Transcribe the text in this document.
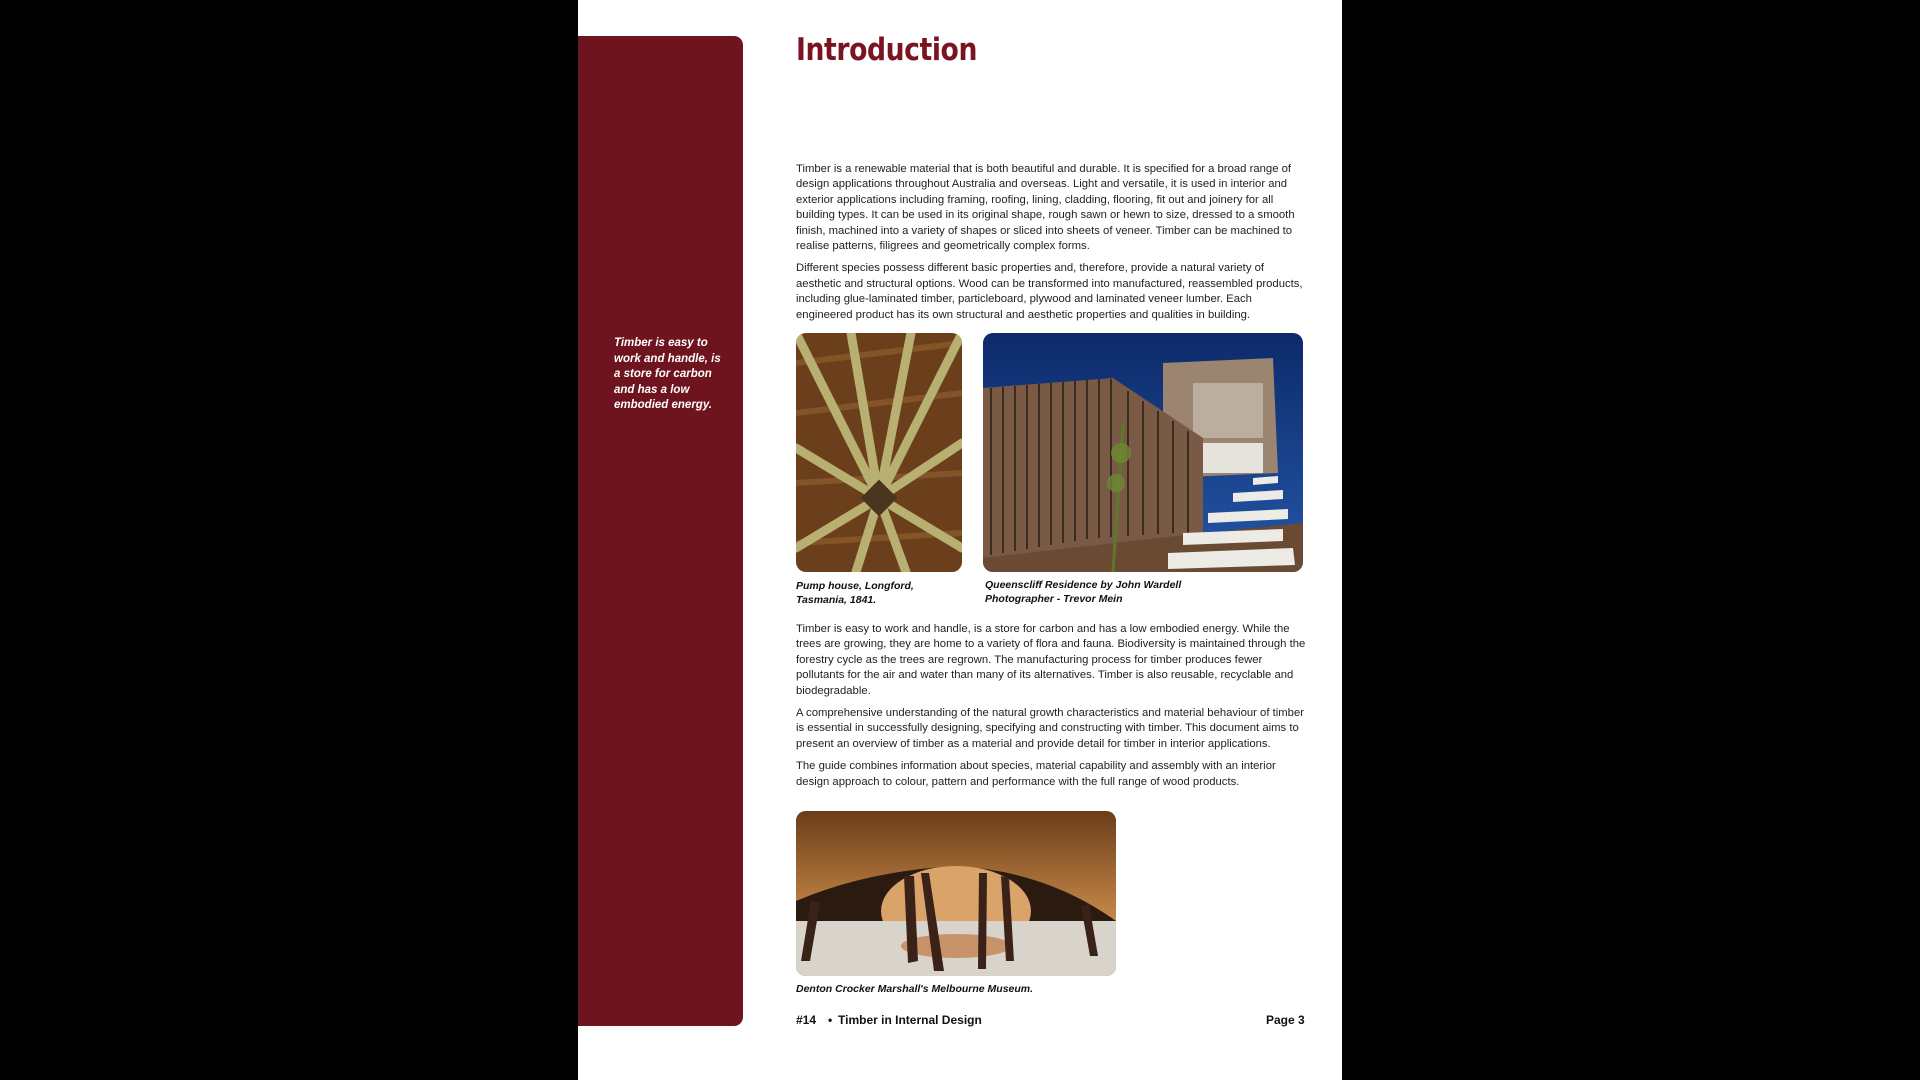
Timber is easy to work and handle, is a store for carbon and has a low embodied energy.
Introduction

Timber is a renewable material that is both beautiful and durable. It is specified for a broad range of design applications throughout Australia and overseas. Light and versatile, it is used in interior and exterior applications including framing, roofing, lining, cladding, flooring, fit out and joinery for all building types. It can be used in its original shape, rough sawn or hewn to size, dressed to a smooth finish, machined into a variety of shapes or sliced into sheets of veneer. Timber can be machined to realise patterns, filigrees and geometrically complex forms.

Different species possess different basic properties and, therefore, provide a natural variety of aesthetic and structural options. Wood can be transformed into manufactured, reassembled products, including glue-laminated timber, particleboard, plywood and laminated veneer lumber. Each engineered product has its own structural and aesthetic properties and qualities in building.

Pump house, Longford,
Tasmania, 1841.
Queenscliff Residence by John Wardell
Photographer - Trevor Mein

Timber is easy to work and handle, is a store for carbon and has a low embodied energy. While the trees are growing, they are home to a variety of flora and fauna. Biodiversity is maintained through the forestry cycle as the trees are regrown. The manufacturing process for timber produces fewer pollutants for the air and water than many of its alternatives. Timber is also reusable, recyclable and biodegradable.

A comprehensive understanding of the natural growth characteristics and material behaviour of timber is essential in successfully designing, specifying and constructing with timber. This document aims to present an overview of timber as a material and provide detail for timber in interior applications.

The guide combines information about species, material capability and assembly with an interior design approach to colour, pattern and performance with the full range of wood products.

Denton Crocker Marshall's Melbourne Museum.
#14 • Timber in Internal Design	Page 3
